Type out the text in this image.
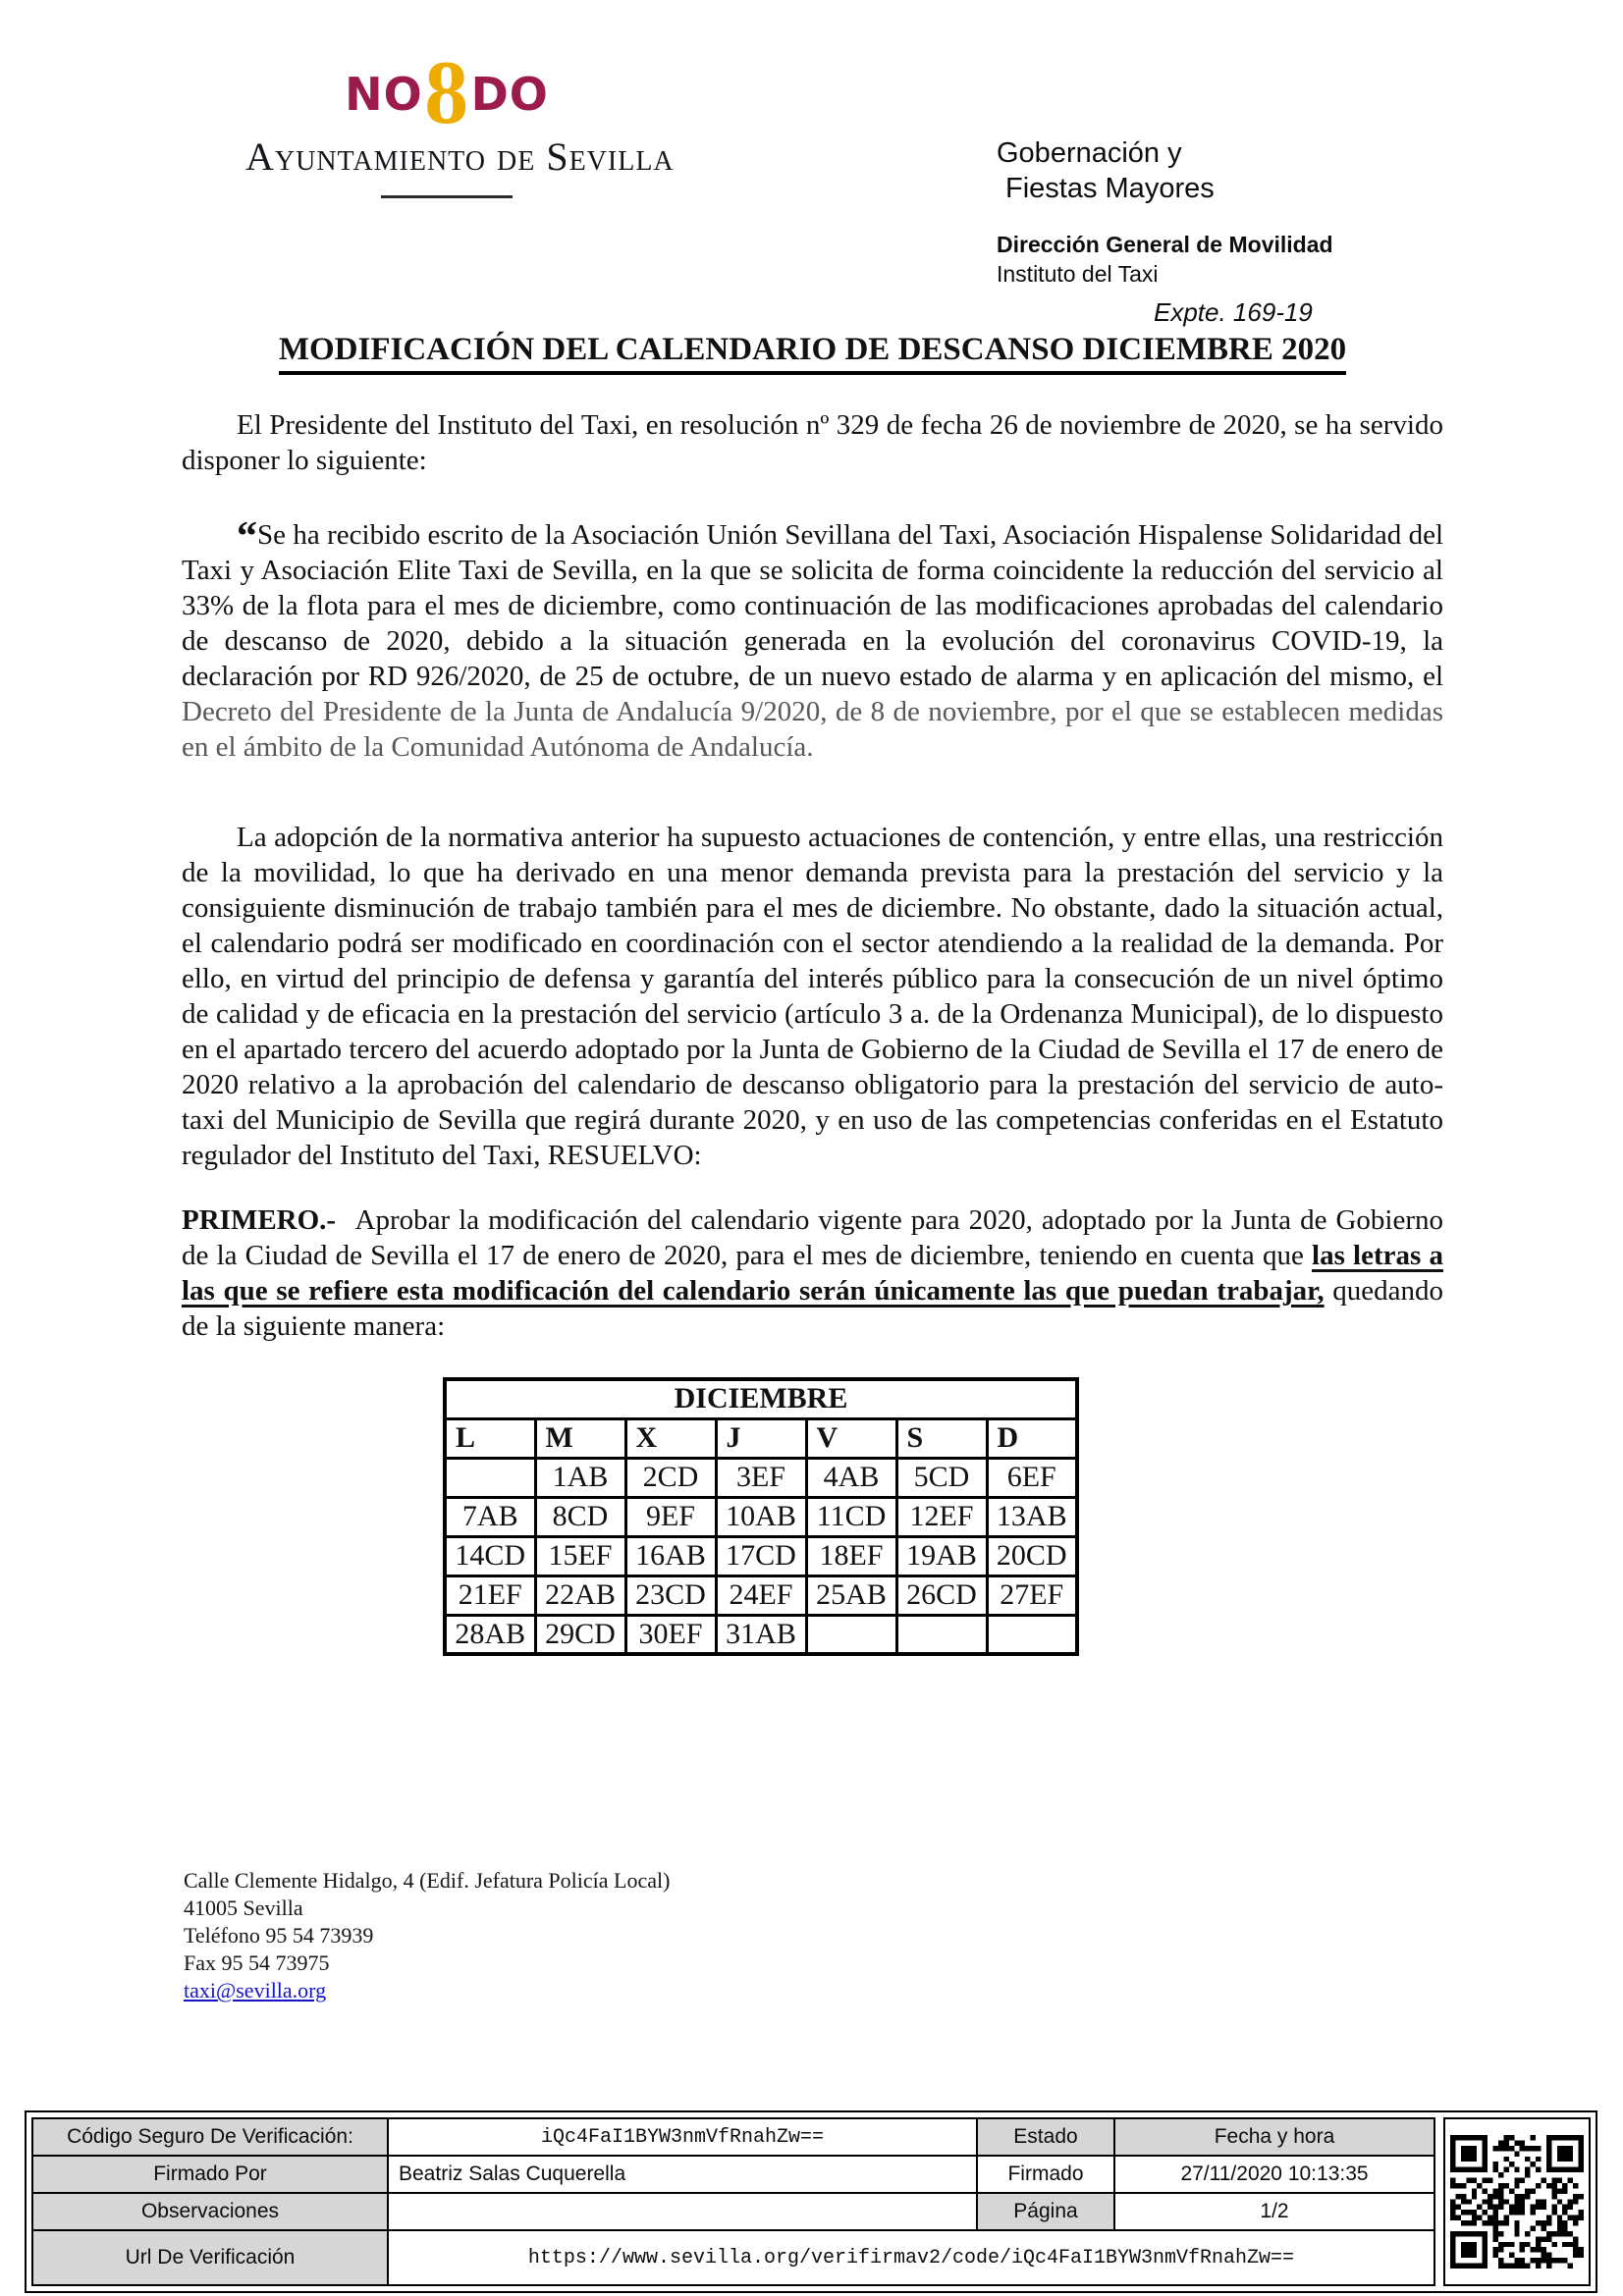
NO 8 DO
Ayuntamiento de Sevilla	Gobernación y
Fiestas Mayores
Dirección General de Movilidad
Instituto del Taxi
Expte. 169-19
MODIFICACIÓN DEL CALENDARIO DE DESCANSO DICIEMBRE 2020

El Presidente del Instituto del Taxi, en resolución nº 329 de fecha 26 de noviembre de 2020, se ha servido disponer lo siguiente:

“Se ha recibido escrito de la Asociación Unión Sevillana del Taxi, Asociación Hispalense Solidaridad del Taxi y Asociación Elite Taxi de Sevilla, en la que se solicita de forma coincidente la reducción del servicio al 33% de la flota para el mes de diciembre, como continuación de las modificaciones aprobadas del calendario de descanso de 2020, debido a la situación generada en la evolución del coronavirus COVID-19, la declaración por RD 926/2020, de 25 de octubre, de un nuevo estado de alarma y en aplicación del mismo, el Decreto del Presidente de la Junta de Andalucía 9/2020, de 8 de noviembre, por el que se establecen medidas en el ámbito de la Comunidad Autónoma de Andalucía.

La adopción de la normativa anterior ha supuesto actuaciones de contención, y entre ellas, una restricción de la movilidad, lo que ha derivado en una menor demanda prevista para la prestación del servicio y la consiguiente disminución de trabajo también para el mes de diciembre. No obstante, dado la situación actual, el calendario podrá ser modificado en coordinación con el sector atendiendo a la realidad de la demanda. Por ello, en virtud del principio de defensa y garantía del interés público para la consecución de un nivel óptimo de calidad y de eficacia en la prestación del servicio (artículo 3 a. de la Ordenanza Municipal), de lo dispuesto en el apartado tercero del acuerdo adoptado por la Junta de Gobierno de la Ciudad de Sevilla el 17 de enero de 2020 relativo a la aprobación del calendario de descanso obligatorio para la prestación del servicio de auto-taxi del Municipio de Sevilla que regirá durante 2020, y en uso de las competencias conferidas en el Estatuto regulador del Instituto del Taxi, RESUELVO:

PRIMERO.- Aprobar la modificación del calendario vigente para 2020, adoptado por la Junta de Gobierno de la Ciudad de Sevilla el 17 de enero de 2020, para el mes de diciembre, teniendo en cuenta que las letras a las que se refiere esta modificación del calendario serán únicamente las que puedan trabajar, quedando de la siguiente manera:

DICIEMBRE						
L	M	X	J	V	S	D
	1AB	2CD	3EF	4AB	5CD	6EF
7AB	8CD	9EF	10AB	11CD	12EF	13AB
14CD	15EF	16AB	17CD	18EF	19AB	20CD
21EF	22AB	23CD	24EF	25AB	26CD	27EF
28AB	29CD	30EF	31AB			
Calle Clemente Hidalgo, 4 (Edif. Jefatura Policía Local)
41005 Sevilla
Teléfono 95 54 73939
Fax 95 54 73975
taxi@sevilla.org
Código Seguro De Verificación:	iQc4FaI1BYW3nmVfRnahZw==	Estado	Fecha y hora
Firmado Por	Beatriz Salas Cuquerella	Firmado	27/11/2020 10:13:35
Observaciones		Página	1/2
Url De Verificación	https://www.sevilla.org/verifirmav2/code/iQc4FaI1BYW3nmVfRnahZw==		
